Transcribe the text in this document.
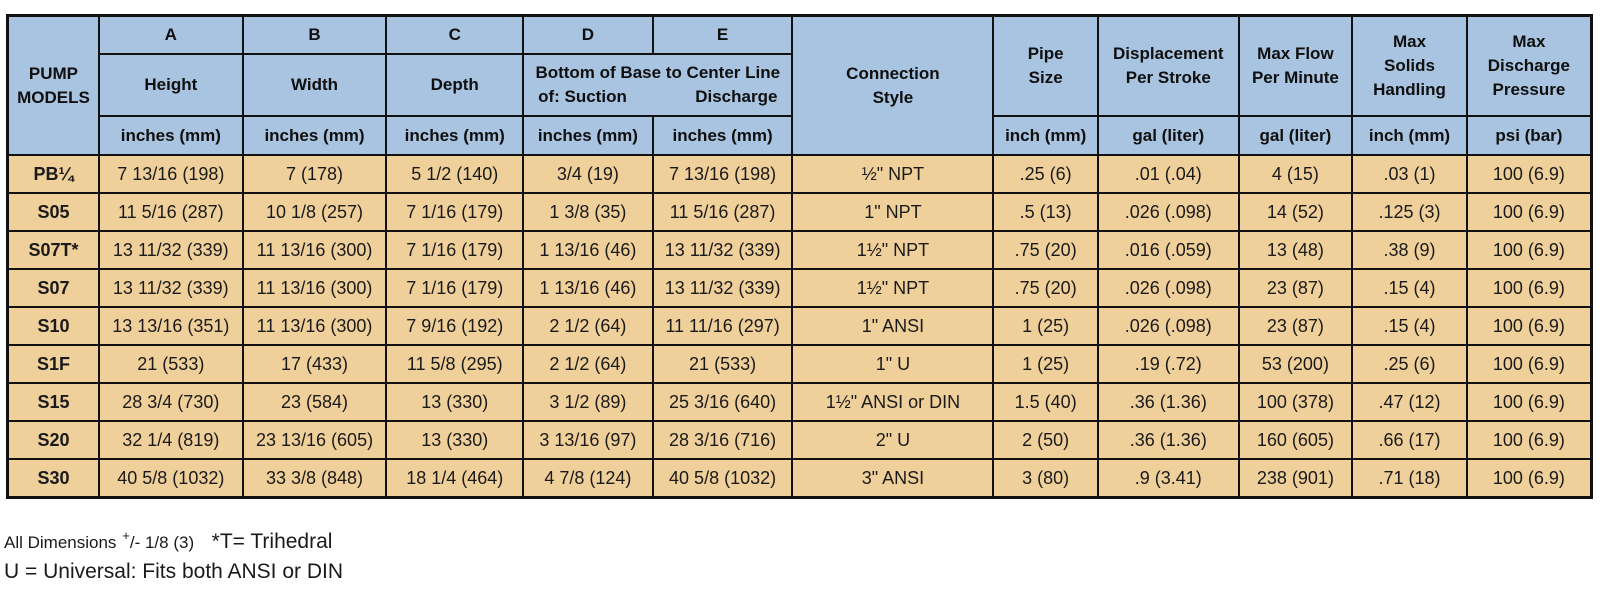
PUMP MODELS	A	B	C	D	E	Connection Style	Pipe Size	Displacement Per Stroke	Max Flow Per Minute	Max Solids Handling	Max Discharge Pressure
	Height	Width	Depth	Bottom of Base to Center Line
of: Suction Discharge							

	inches (mm)	inches (mm)	inches (mm)	inches (mm)	inches (mm)		inch (mm)	gal (liter)	gal (liter)	inch (mm)	psi (bar)
PB¼	7 13/16 (198)	7 (178)	5 1/2 (140)	3/4 (19)	7 13/16 (198)	½" NPT	.25 (6)	.01 (.04)	4 (15)	.03 (1)	100 (6.9)
S05	11 5/16 (287)	10 1/8 (257)	7 1/16 (179)	1 3/8 (35)	11 5/16 (287)	1" NPT	.5 (13)	.026 (.098)	14 (52)	.125 (3)	100 (6.9)
S07T*	13 11/32 (339)	11 13/16 (300)	7 1/16 (179)	1 13/16 (46)	13 11/32 (339)	1½" NPT	.75 (20)	.016 (.059)	13 (48)	.38 (9)	100 (6.9)
S07	13 11/32 (339)	11 13/16 (300)	7 1/16 (179)	1 13/16 (46)	13 11/32 (339)	1½" NPT	.75 (20)	.026 (.098)	23 (87)	.15 (4)	100 (6.9)
S10	13 13/16 (351)	11 13/16 (300)	7 9/16 (192)	2 1/2 (64)	11 11/16 (297)	1" ANSI	1 (25)	.026 (.098)	23 (87)	.15 (4)	100 (6.9)
S1F	21 (533)	17 (433)	11 5/8 (295)	2 1/2 (64)	21 (533)	1" U	1 (25)	.19 (.72)	53 (200)	.25 (6)	100 (6.9)
S15	28 3/4 (730)	23 (584)	13 (330)	3 1/2 (89)	25 3/16 (640)	1½" ANSI or DIN	1.5 (40)	.36 (1.36)	100 (378)	.47 (12)	100 (6.9)
S20	32 1/4 (819)	23 13/16 (605)	13 (330)	3 13/16 (97)	28 3/16 (716)	2" U	2 (50)	.36 (1.36)	160 (605)	.66 (17)	100 (6.9)
S30	40 5/8 (1032)	33 3/8 (848)	18 1/4 (464)	4 7/8 (124)	40 5/8 (1032)	3" ANSI	3 (80)	.9 (3.41)	238 (901)	.71 (18)	100 (6.9)
All Dimensions +/- 1/8 (3) *T= Trihedral
U = Universal: Fits both ANSI or DIN
